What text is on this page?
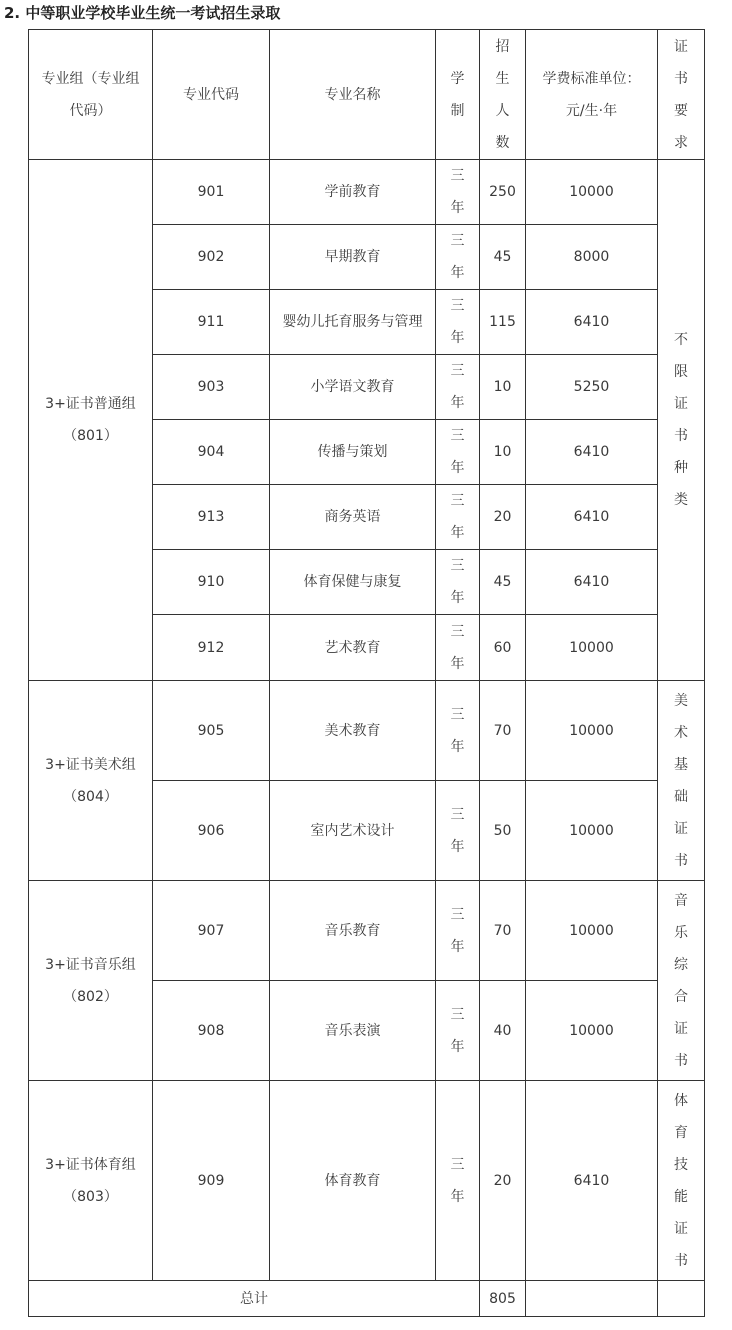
2. 中等职业学校毕业生统一考试招生录取
专业组（专业组代码）	专业代码	专业名称	学制	招生人数	学费标准单位：元/生·年	证书要求
3+证书普通组（801）	901	学前教育	三年	250	10000	不限证书种类
	902	早期教育	三年	45	8000	
	911	婴幼儿托育服务与管理	三年	115	6410	
	903	小学语文教育	三年	10	5250	
	904	传播与策划	三年	10	6410	
	913	商务英语	三年	20	6410	
	910	体育保健与康复	三年	45	6410	
	912	艺术教育	三年	60	10000	
3+证书美术组（804）	905	美术教育	三年	70	10000	美术基础证书
	906	室内艺术设计	三年	50	10000	
3+证书音乐组（802）	907	音乐教育	三年	70	10000	音乐综合证书
	908	音乐表演	三年	40	10000	
3+证书体育组（803）	909	体育教育	三年	20	6410	体育技能证书
总计				805		
